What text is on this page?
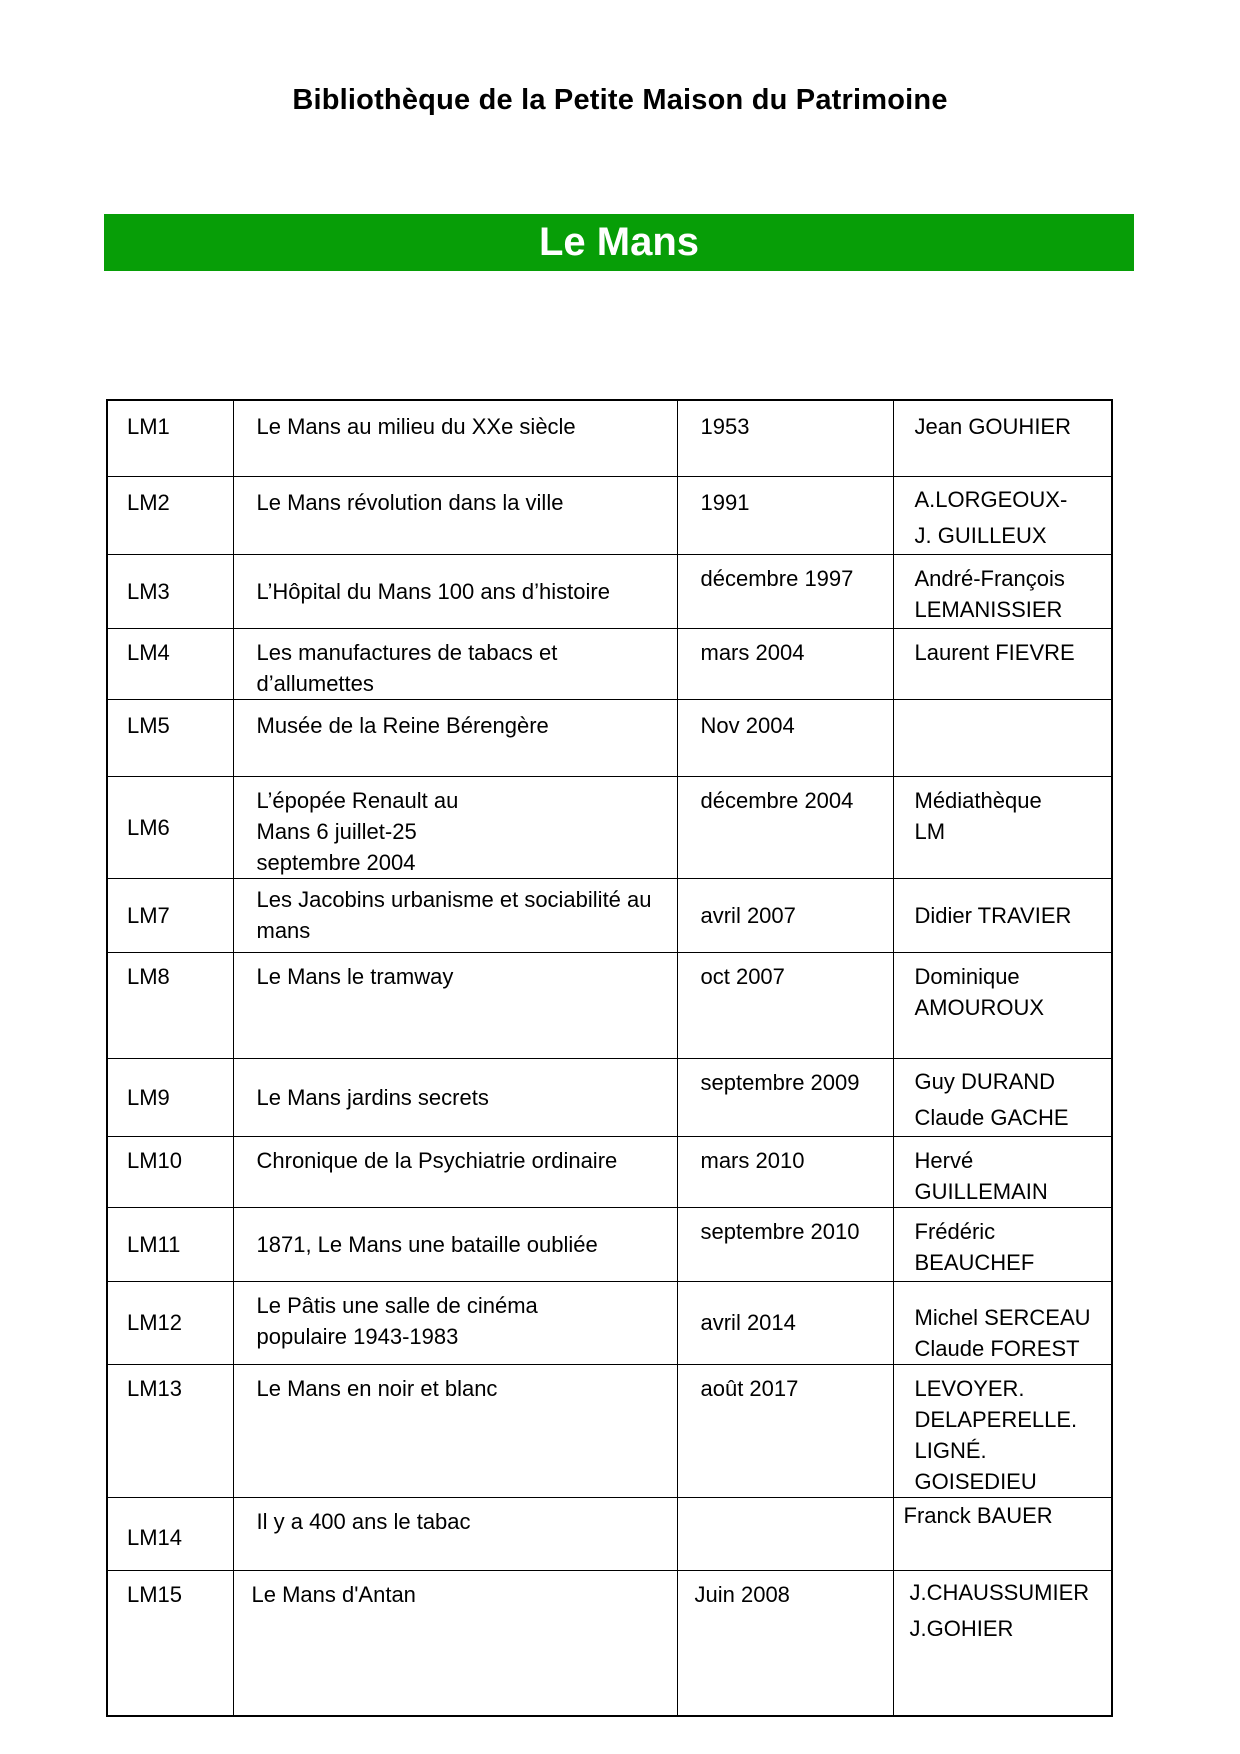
Bibliothèque de la Petite Maison du Patrimoine
Le Mans
LM1	Le Mans au milieu du XXe siècle	1953	Jean GOUHIER

LM2	Le Mans révolution dans la ville	1991	A.LORGEOUX-
J. GUILLEUX

LM3	L’Hôpital du Mans 100 ans d’histoire	décembre 1997	André-François
LEMANISSIER

LM4	Les manufactures de tabacs et
d’allumettes	mars 2004	Laurent FIEVRE

LM5	Musée de la Reine Bérengère	Nov 2004	

LM6	L’épopée Renault au
Mans 6 juillet-25
septembre 2004	décembre 2004	Médiathèque
LM

LM7	Les Jacobins urbanisme et sociabilité au
mans	avril 2007	Didier TRAVIER

LM8	Le Mans le tramway	oct 2007	Dominique
AMOUROUX

LM9	Le Mans jardins secrets	septembre 2009	Guy DURAND
Claude GACHE

LM10	Chronique de la Psychiatrie ordinaire	mars 2010	Hervé
GUILLEMAIN

LM11	1871, Le Mans une bataille oubliée	septembre 2010	Frédéric
BEAUCHEF

LM12	Le Pâtis une salle de cinéma
populaire 1943-1983	avril 2014	Michel SERCEAU
Claude FOREST

LM13	Le Mans en noir et blanc	août 2017	LEVOYER.
DELAPERELLE.
LIGNÉ.
GOISEDIEU

LM14	Il y a 400 ans le tabac		Franck BAUER

LM15	Le Mans d'Antan	Juin 2008	J.CHAUSSUMIER
J.GOHIER
